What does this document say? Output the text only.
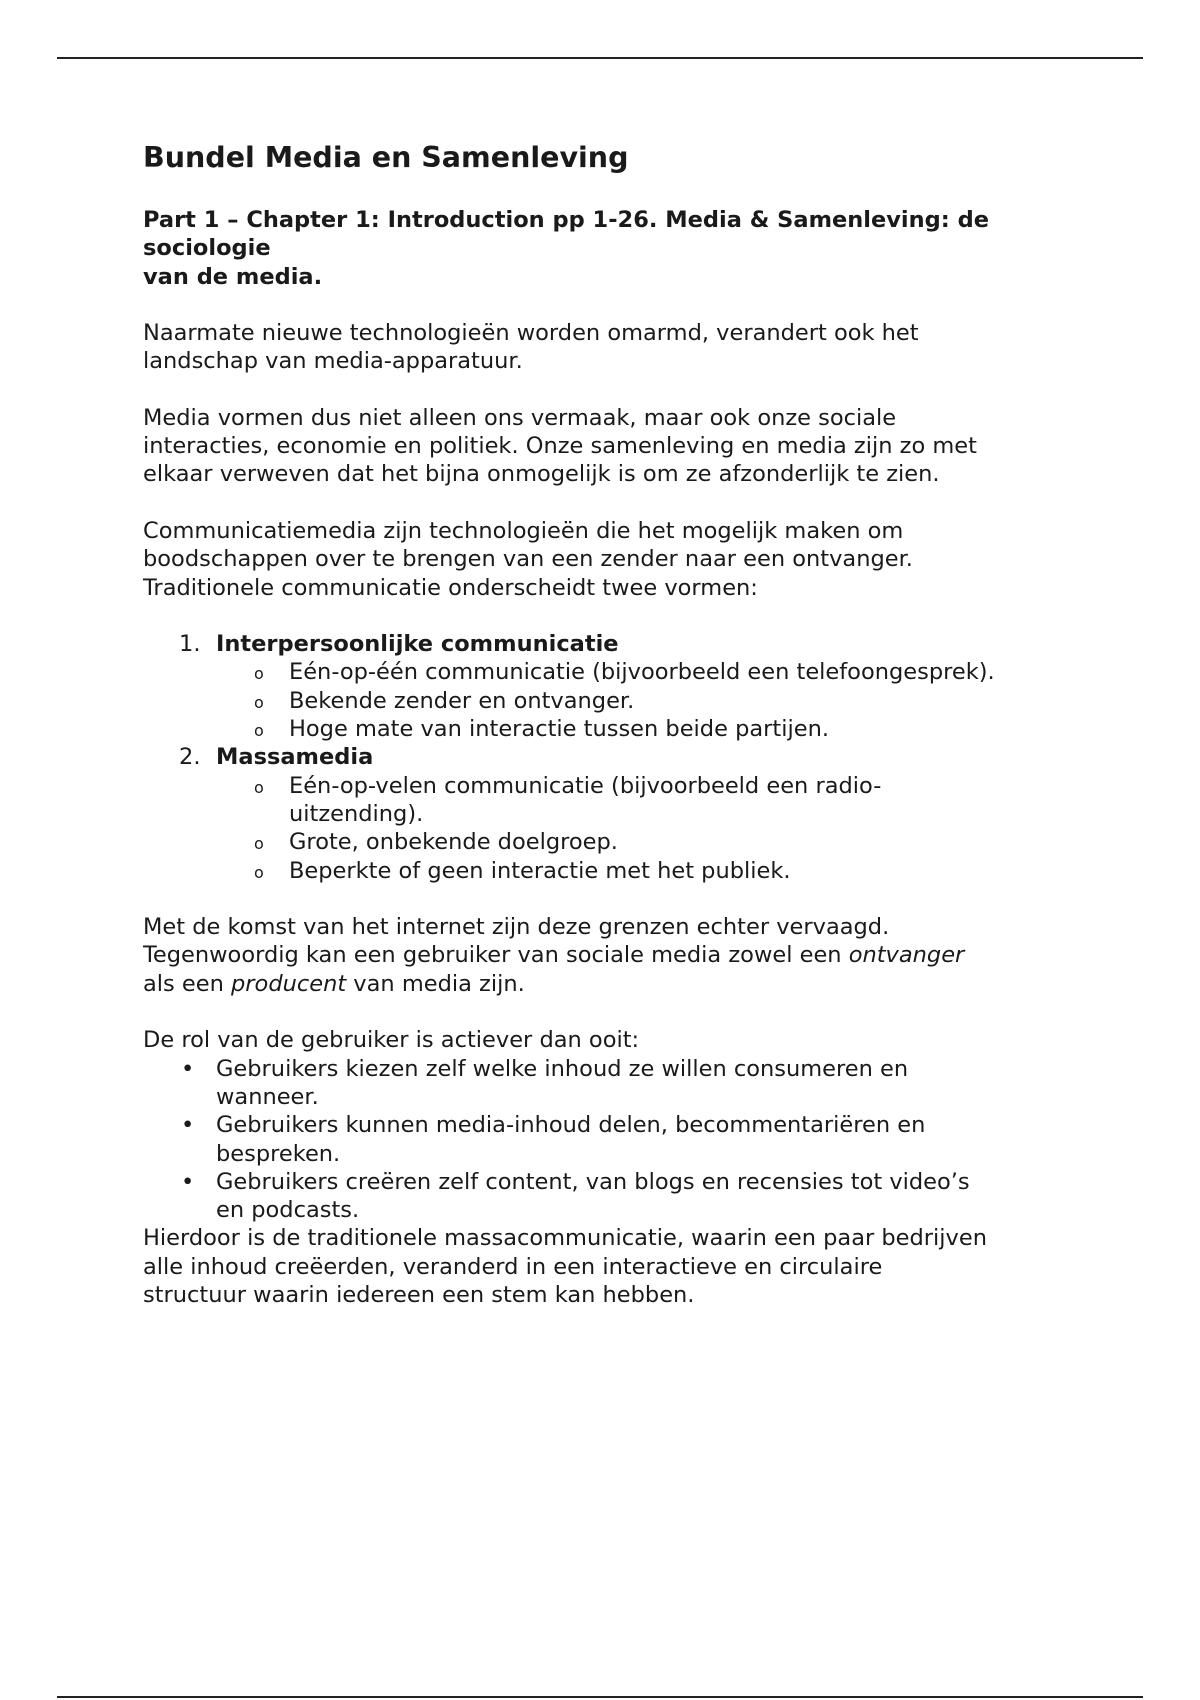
Bundel Media en Samenleving
Part 1 – Chapter 1: Introduction pp 1-26. Media & Samenleving: de
sociologie
van de media.

Naarmate nieuwe technologieën worden omarmd, verandert ook het
landschap van media-apparatuur.

Media vormen dus niet alleen ons vermaak, maar ook onze sociale
interacties, economie en politiek. Onze samenleving en media zijn zo met
elkaar verweven dat het bijna onmogelijk is om ze afzonderlijk te zien.

Communicatiemedia zijn technologieën die het mogelijk maken om
boodschappen over te brengen van een zender naar een ontvanger.
Traditionele communicatie onderscheidt twee vormen:

1. Interpersoonlijke communicatie
o Eén-op-één communicatie (bijvoorbeeld een telefoongesprek).
o Bekende zender en ontvanger.
o Hoge mate van interactie tussen beide partijen.
2. Massamedia
o Eén-op-velen communicatie (bijvoorbeeld een radio-
uitzending).
o Grote, onbekende doelgroep.
o Beperkte of geen interactie met het publiek.

Met de komst van het internet zijn deze grenzen echter vervaagd.
Tegenwoordig kan een gebruiker van sociale media zowel een ontvanger
als een producent van media zijn.

De rol van de gebruiker is actiever dan ooit:
• Gebruikers kiezen zelf welke inhoud ze willen consumeren en
wanneer.
• Gebruikers kunnen media-inhoud delen, becommentariëren en
bespreken.
• Gebruikers creëren zelf content, van blogs en recensies tot video’s
en podcasts.

Hierdoor is de traditionele massacommunicatie, waarin een paar bedrijven
alle inhoud creëerden, veranderd in een interactieve en circulaire
structuur waarin iedereen een stem kan hebben.
